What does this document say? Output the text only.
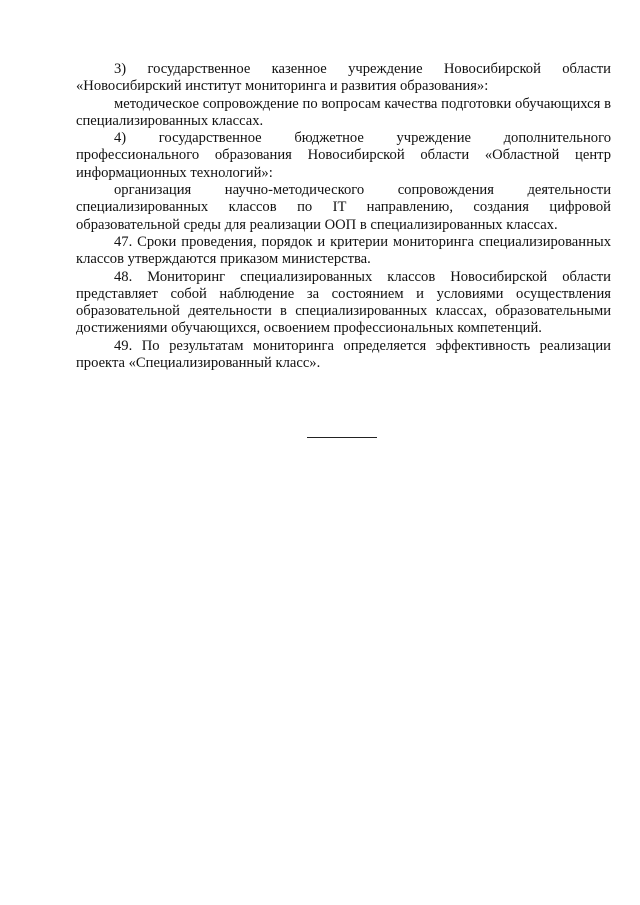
3) государственное казенное учреждение Новосибирской области «Новосибирский институт мониторинга и развития образования»:

методическое сопровождение по вопросам качества подготовки обучающихся в специализированных классах.

4) государственное бюджетное учреждение дополнительного профессионального образования Новосибирской области «Областной центр информационных технологий»:

организация научно-методического сопровождения деятельности специализированных классов по IT направлению, создания цифровой образовательной среды для реализации ООП в специализированных классах.

47. Сроки проведения, порядок и критерии мониторинга специализированных классов утверждаются приказом министерства.

48. Мониторинг специализированных классов Новосибирской области представляет собой наблюдение за состоянием и условиями осуществления образовательной деятельности в специализированных классах, образовательными достижениями обучающихся, освоением профессиональных компетенций.

49. По результатам мониторинга определяется эффективность реализации проекта «Специализированный класс».
